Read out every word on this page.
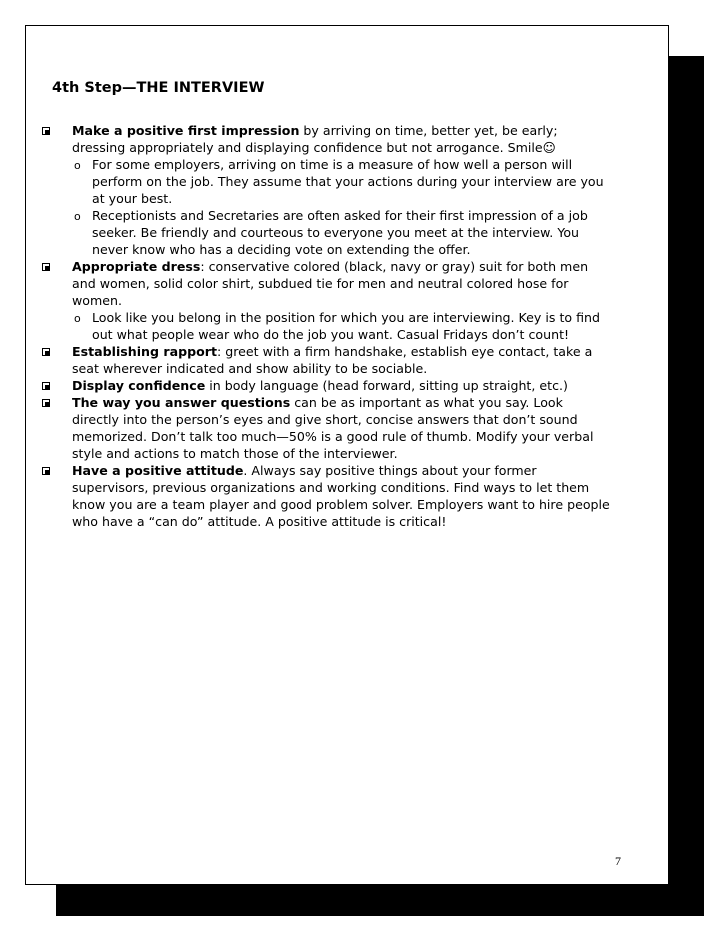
4th Step—THE INTERVIEW
Make a positive first impression by arriving on time, better yet, be early; dressing appropriately and displaying confidence but not arrogance. Smile☺
o For some employers, arriving on time is a measure of how well a person will perform on the job. They assume that your actions during your interview are you at your best.
o Receptionists and Secretaries are often asked for their first impression of a job seeker. Be friendly and courteous to everyone you meet at the interview. You never know who has a deciding vote on extending the offer.
Appropriate dress: conservative colored (black, navy or gray) suit for both men and women, solid color shirt, subdued tie for men and neutral colored hose for women.
o Look like you belong in the position for which you are interviewing. Key is to find out what people wear who do the job you want. Casual Fridays don’t count!
Establishing rapport: greet with a firm handshake, establish eye contact, take a seat wherever indicated and show ability to be sociable.
Display confidence in body language (head forward, sitting up straight, etc.)
The way you answer questions can be as important as what you say. Look directly into the person’s eyes and give short, concise answers that don’t sound memorized. Don’t talk too much—50% is a good rule of thumb. Modify your verbal style and actions to match those of the interviewer.
Have a positive attitude. Always say positive things about your former supervisors, previous organizations and working conditions. Find ways to let them know you are a team player and good problem solver. Employers want to hire people who have a “can do” attitude. A positive attitude is critical!
7
